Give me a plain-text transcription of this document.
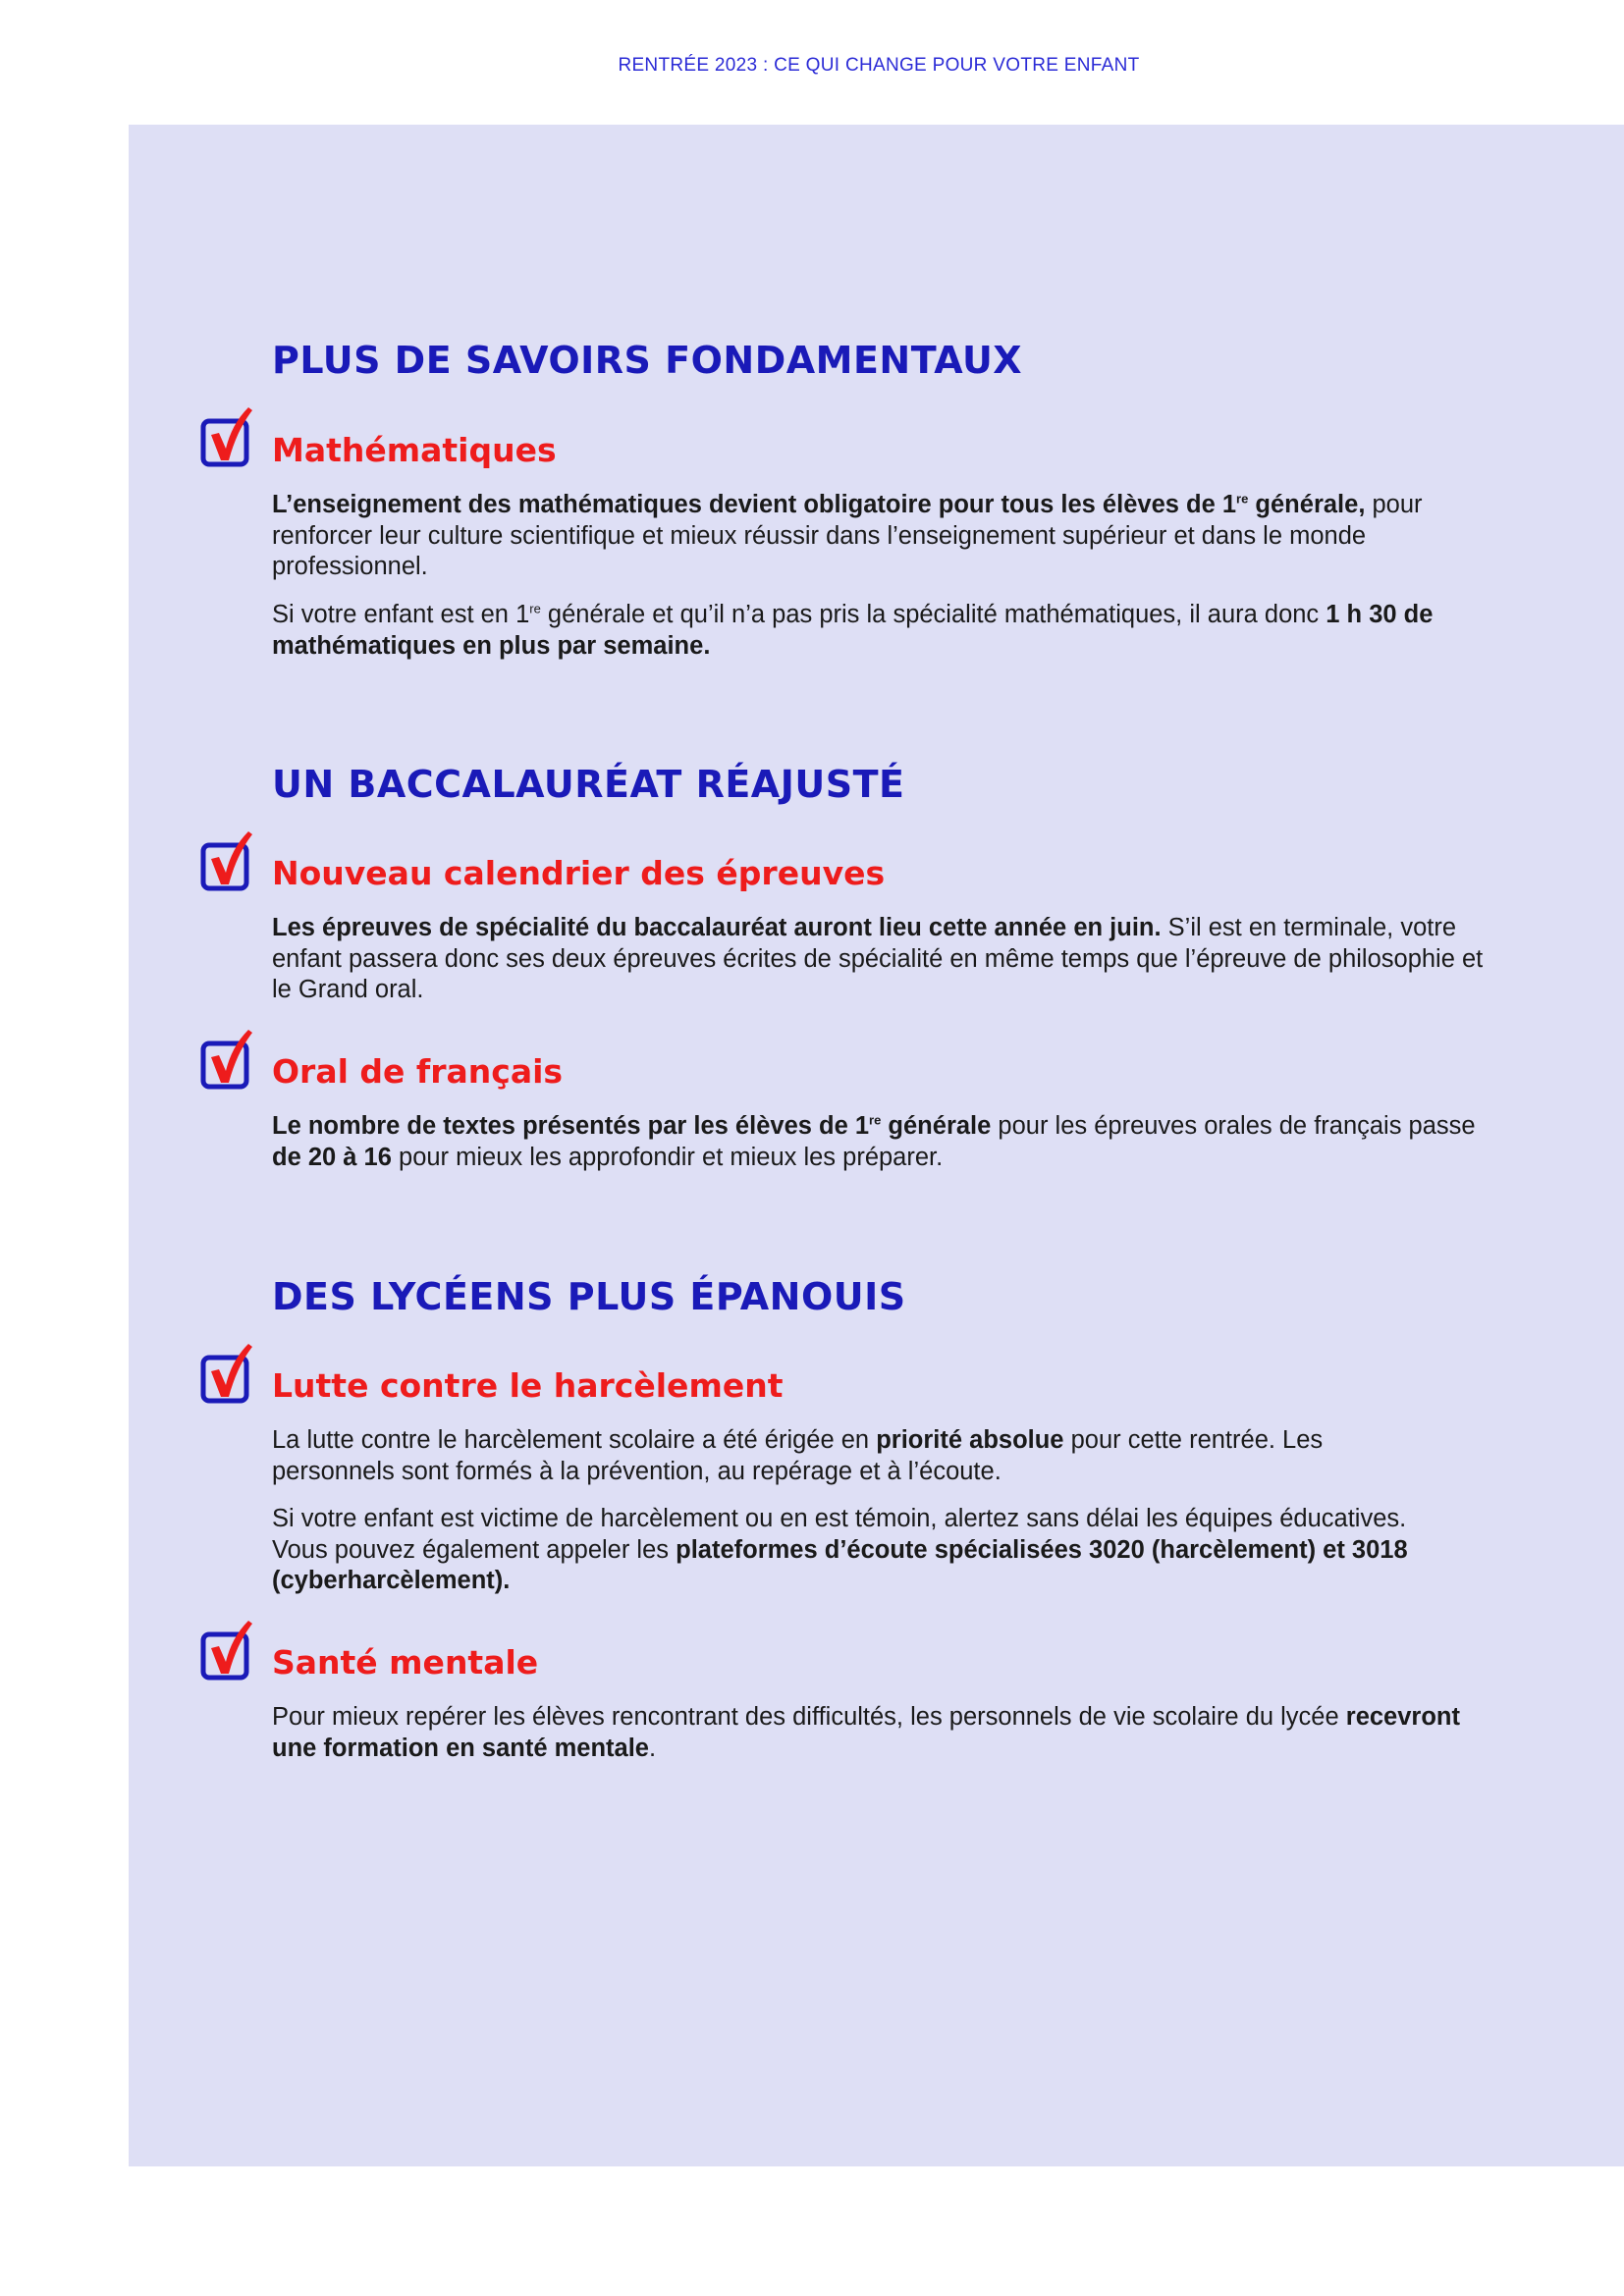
RENTRÉE 2023 : CE QUI CHANGE POUR VOTRE ENFANT
PLUS DE SAVOIRS FONDAMENTAUX
Mathématiques

L’enseignement des mathématiques devient obligatoire pour tous les élèves de 1re générale, pour renforcer leur culture scientifique et mieux réussir dans l’enseignement supérieur et dans le monde professionnel.

Si votre enfant est en 1re générale et qu’il n’a pas pris la spécialité mathématiques, il aura donc 1 h 30 de mathématiques en plus par semaine.

UN BACCALAURÉAT RÉAJUSTÉ
Nouveau calendrier des épreuves

Les épreuves de spécialité du baccalauréat auront lieu cette année en juin. S’il est en terminale, votre enfant passera donc ses deux épreuves écrites de spécialité en même temps que l’épreuve de philosophie et le Grand oral.

Oral de français

Le nombre de textes présentés par les élèves de 1re générale pour les épreuves orales de français passe de 20 à 16 pour mieux les approfondir et mieux les préparer.

DES LYCÉENS PLUS ÉPANOUIS
Lutte contre le harcèlement

La lutte contre le harcèlement scolaire a été érigée en priorité absolue pour cette rentrée. Les personnels sont formés à la prévention, au repérage et à l’écoute.

Si votre enfant est victime de harcèlement ou en est témoin, alertez sans délai les équipes éducatives. Vous pouvez également appeler les plateformes d’écoute spécialisées 3020 (harcèlement) et 3018 (cyberharcèlement).

Santé mentale

Pour mieux repérer les élèves rencontrant des difficultés, les personnels de vie scolaire du lycée recevront une formation en santé mentale.
